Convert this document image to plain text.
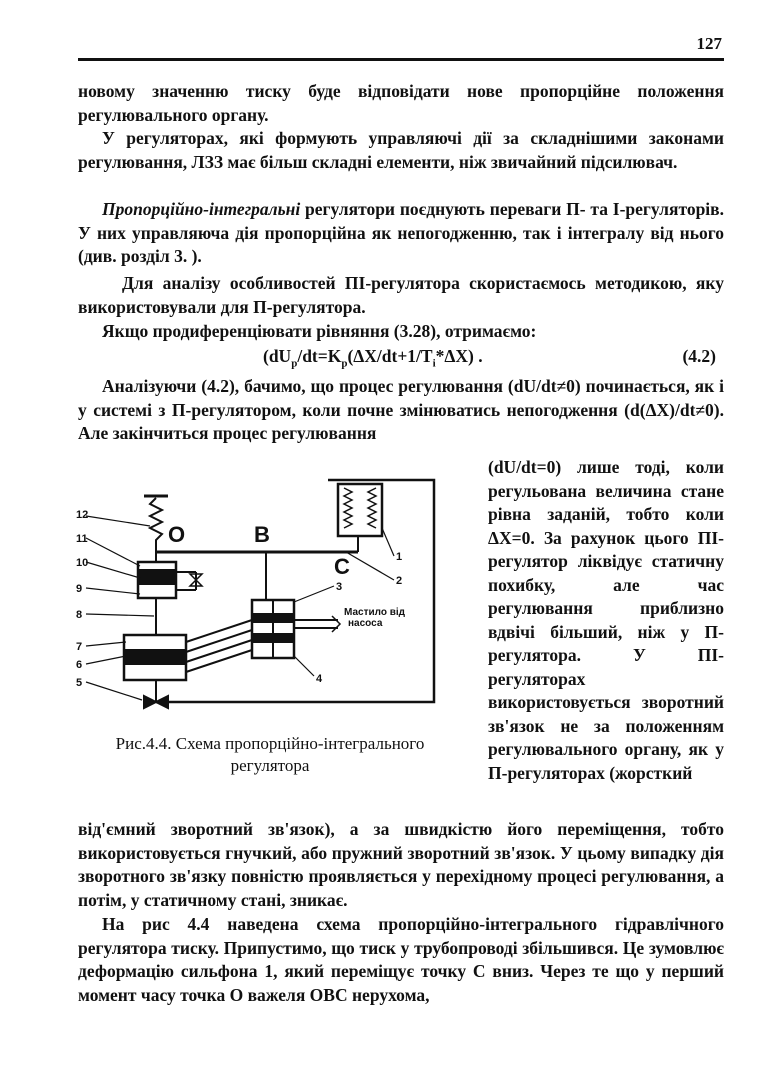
127
новому значенню тиску буде відповідати нове пропорційне положення регулювального органу.
У регуляторах, які формують управляючі дії за складнішими законами регулювання, ЛЗЗ має більш складні елементи, ніж звичайний підсилювач.
Пропорційно-інтегральні регулятори поєднують переваги П- та І-регуляторів. У них управляюча дія пропорційна як непогодженню, так і інтегралу від нього (див. розділ 3. ).
Для аналізу особливостей ПІ-регулятора скористаємось методикою, яку використовували для П-регулятора.
Якщо продиференціювати рівняння (3.28), отримаємо:
($dU_р/dt=K_р(\Delta X/dt+1/T_і*\Delta X)$ .	(4.2)
Аналізуючи (4.2), бачимо, що процес регулювання (dU/dt≠0) починається, як і у системі з П-регулятором, коли почне змінюватись непогодження (d(ΔX)/dt≠0). Але закінчиться процес регулювання
(dU/dt=0) лише тоді, коли регульована величина стане рівна заданій, тобто коли ΔX=0. За рахунок цього ПІ-регулятор ліквідує статичну похибку, але час регулювання приблизно вдвічі більший, ніж у П-регулятора. У ПІ- регуляторах використовується зворотний зв'язок не за положенням регулювального органу, як у П-регуляторах (жорсткий
O	B
C
12
11
10
9
8
7
6
5
1
2
3
4
Мастило від
насоса
Рис.4.4. Схема пропорційно-інтегрального регулятора
від'ємний зворотний зв'язок), а за швидкістю його переміщення, тобто використовується гнучкий, або пружний зворотний зв'язок. У цьому випадку дія зворотного зв'язку повністю проявляється у перехідному процесі регулювання, а потім, у статичному стані, зникає.
На рис 4.4 наведена схема пропорційно-інтегрального гідравлічного регулятора тиску. Припустимо, що тиск у трубопроводі збільшився. Це зумовлює деформацію сильфона 1, який переміщує точку С вниз. Через те що у перший момент часу точка О важеля ОВС нерухома,
